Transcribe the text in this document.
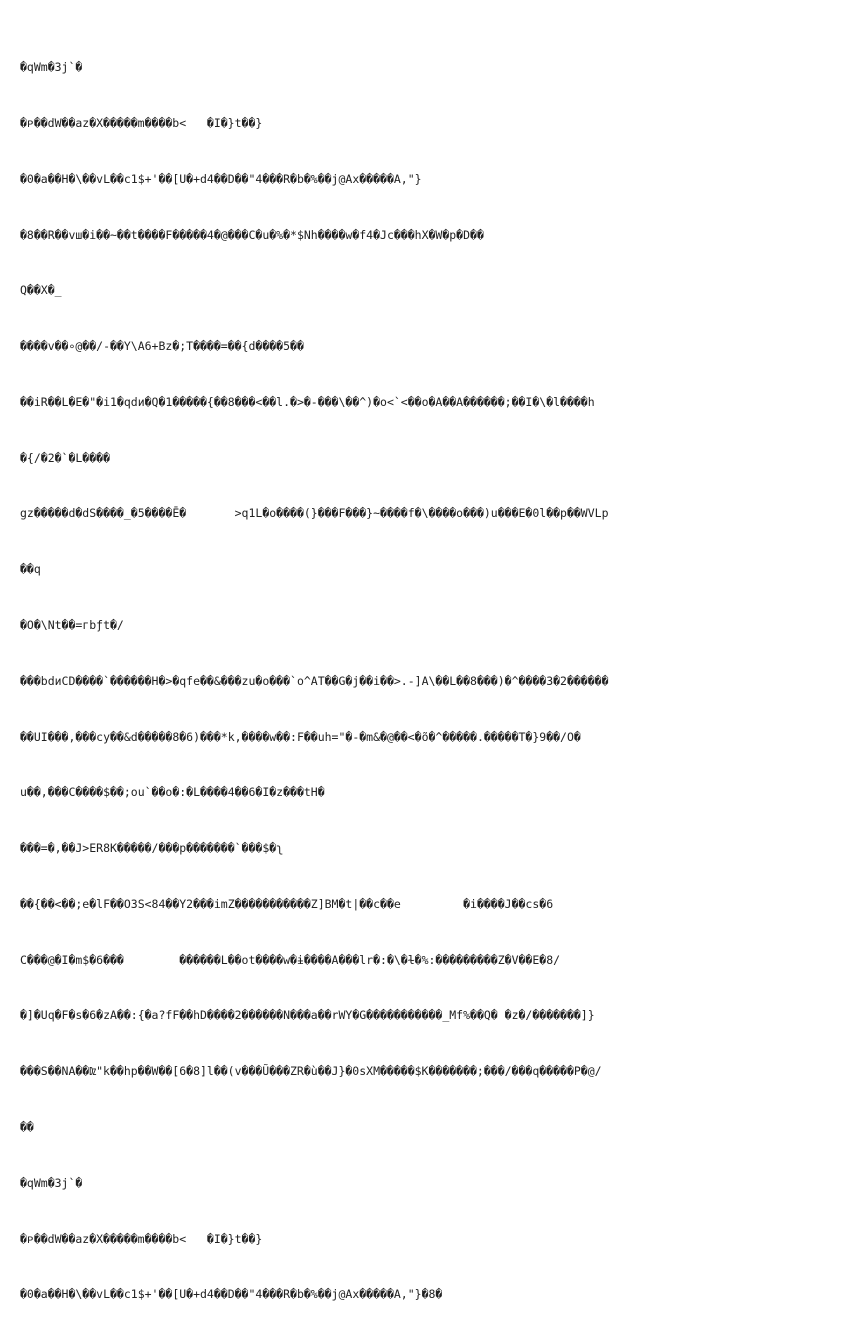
�qWm�3j`�

�ᴩ��dW��az�X�����m����b<   �I�}t��}

�0�a��H�\��vL��c1$+'��[U�+d4��D��"4���R�b�%��j@Ax�����A,"}

�8��R��vш�i��~��t����F�����4�@���C�u�%�*$Nh����w�f4�Jc���hX�W�p�D��

Q��X�_

����v��∘@��/-��Y\A6+Bz�;T����=��{d����5��

��iR��L�E�"�i1�qdи�Q�1�����{��8���<��l.�>�-���\��^)�o<`<��o�A��A������;��I�\�l����h

�{/�2�`�L����

gz�����d�dS����_�5����Ē�       >q1L�o����(}���F���}~����f�\����o���)u���E�0l��p��WVLp

��q

�O�\Nt��=гbƒt�/

���bdиCD����`������H�>�qfe��&���zu�o���`o^AT��G�j��i��>.-]A\��L��8���)�^����3�2������

��UI���,���cy��&d�����8�6)���*k,����w��:F��uh="�-�m&�@��<�õ�^�����.�����T�}9��/O�

u��,���C����$��;ou`��o�:�L����4��6�I�z���tH�

���=�,��J>ER8K�����/���p�������`���$�ʅ

��{��<��;e�lF��O3S<84��Y2���imZ�����������Z]BM�t|��c��e         �i����J��cs�6

C���@�I�m$�6���        ������L��ot����w�ɨ����A���lr�:�\�ɫ�%:���������Z�V��E�8/

�]�Uq�F�s�6�zA��:{�a?fF��hD����2������N���a��rWY�G�����������_Mf%��Q� �z�/�������]}

���S��NA��ǲ"k��hp��W��[6�8]l��(v���Ũ���ZR�ù��J}�0sXM�����$K�������;���/���q�����P�@/

��

�qWm�3j`�

�ᴩ��dW��az�X�����m����b<   �I�}t��}

�0�a��H�\��vL��c1$+'��[U�+d4��D��"4���R�b�%��j@Ax�����A,"}�8�
